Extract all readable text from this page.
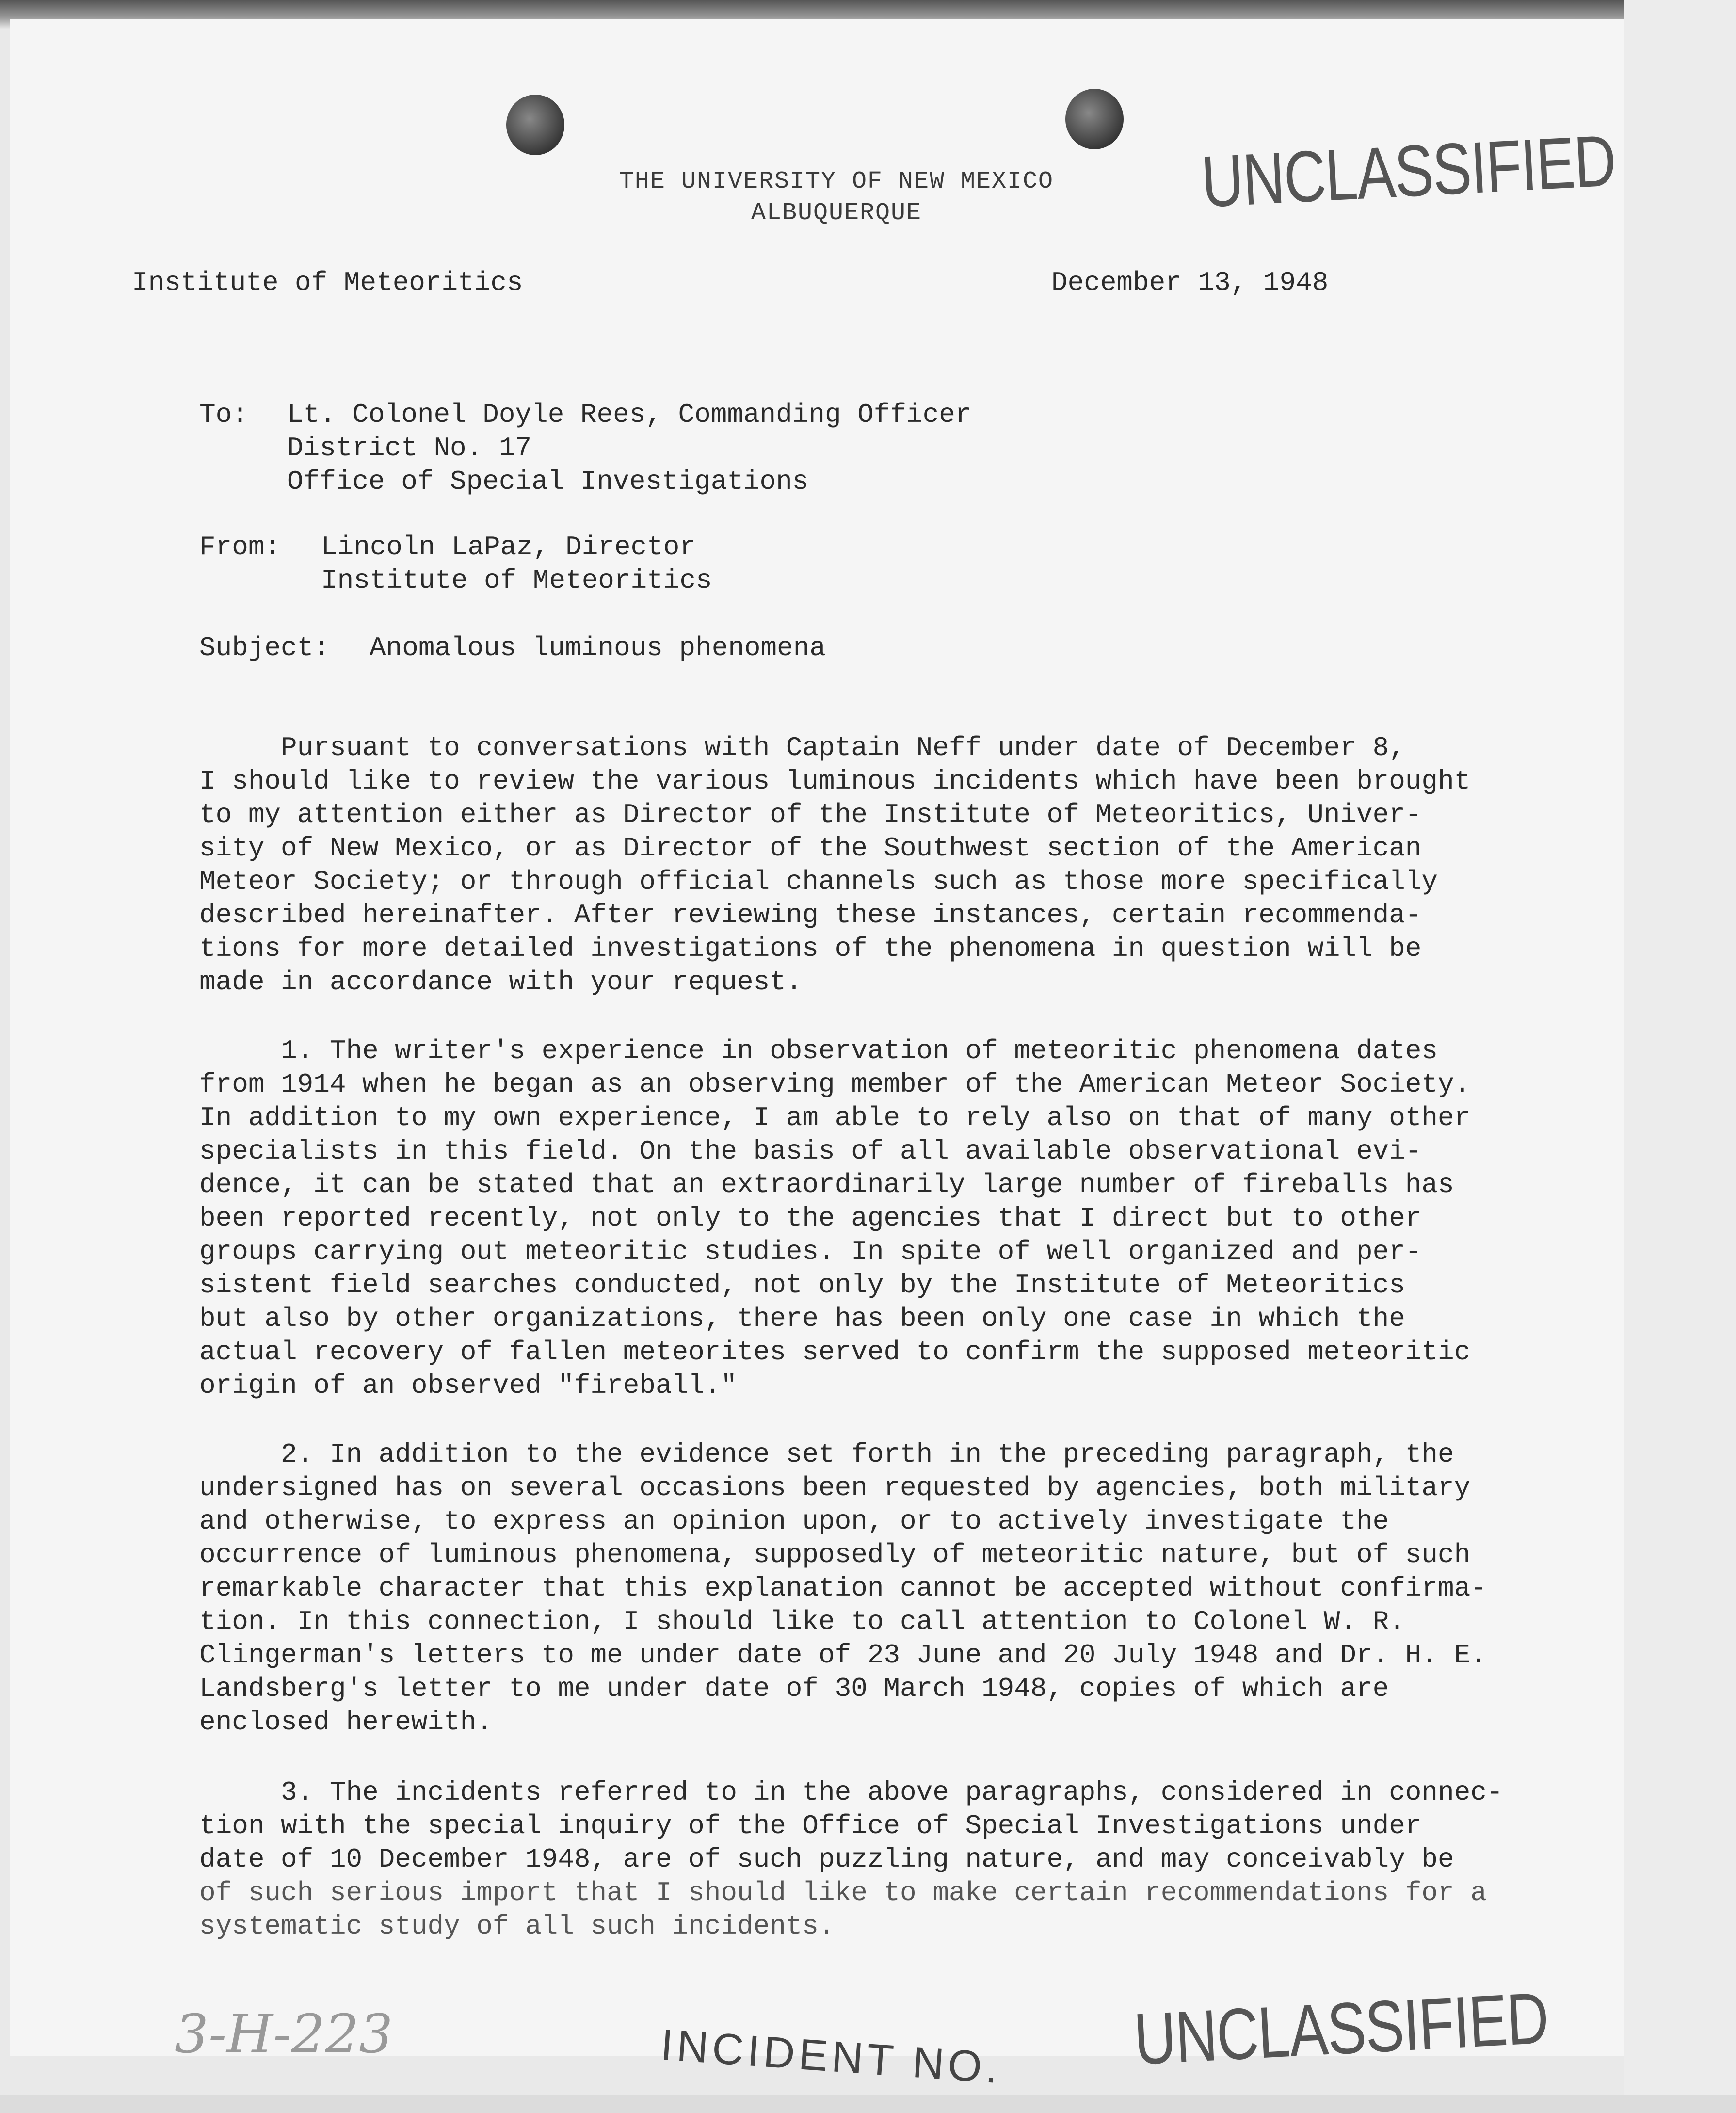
THE UNIVERSITY OF NEW MEXICO
ALBUQUERQUE	UNCLASSIFIED
Institute of Meteoritics	December 13, 1948
To: Lt. Colonel Doyle Rees, Commanding Officer
District No. 17
Office of Special Investigations
From: Lincoln LaPaz, Director
Institute of Meteoritics
Subject: Anomalous luminous phenomena
Pursuant to conversations with Captain Neff under date of December 8,
I should like to review the various luminous incidents which have been brought
to my attention either as Director of the Institute of Meteoritics, Univer-
sity of New Mexico, or as Director of the Southwest section of the American
Meteor Society; or through official channels such as those more specifically
described hereinafter. After reviewing these instances, certain recommenda-
tions for more detailed investigations of the phenomena in question will be
made in accordance with your request.
1. The writer's experience in observation of meteoritic phenomena dates
from 1914 when he began as an observing member of the American Meteor Society.
In addition to my own experience, I am able to rely also on that of many other
specialists in this field. On the basis of all available observational evi-
dence, it can be stated that an extraordinarily large number of fireballs has
been reported recently, not only to the agencies that I direct but to other
groups carrying out meteoritic studies. In spite of well organized and per-
sistent field searches conducted, not only by the Institute of Meteoritics
but also by other organizations, there has been only one case in which the
actual recovery of fallen meteorites served to confirm the supposed meteoritic
origin of an observed "fireball."
2. In addition to the evidence set forth in the preceding paragraph, the
undersigned has on several occasions been requested by agencies, both military
and otherwise, to express an opinion upon, or to actively investigate the
occurrence of luminous phenomena, supposedly of meteoritic nature, but of such
remarkable character that this explanation cannot be accepted without confirma-
tion. In this connection, I should like to call attention to Colonel W. R.
Clingerman's letters to me under date of 23 June and 20 July 1948 and Dr. H. E.
Landsberg's letter to me under date of 30 March 1948, copies of which are
enclosed herewith.
3. The incidents referred to in the above paragraphs, considered in connec-
tion with the special inquiry of the Office of Special Investigations under
date of 10 December 1948, are of such puzzling nature, and may conceivably be
of such serious import that I should like to make certain recommendations for a
systematic study of all such incidents.
3-H-223	INCIDENT NO. UNCLASSIFIED
